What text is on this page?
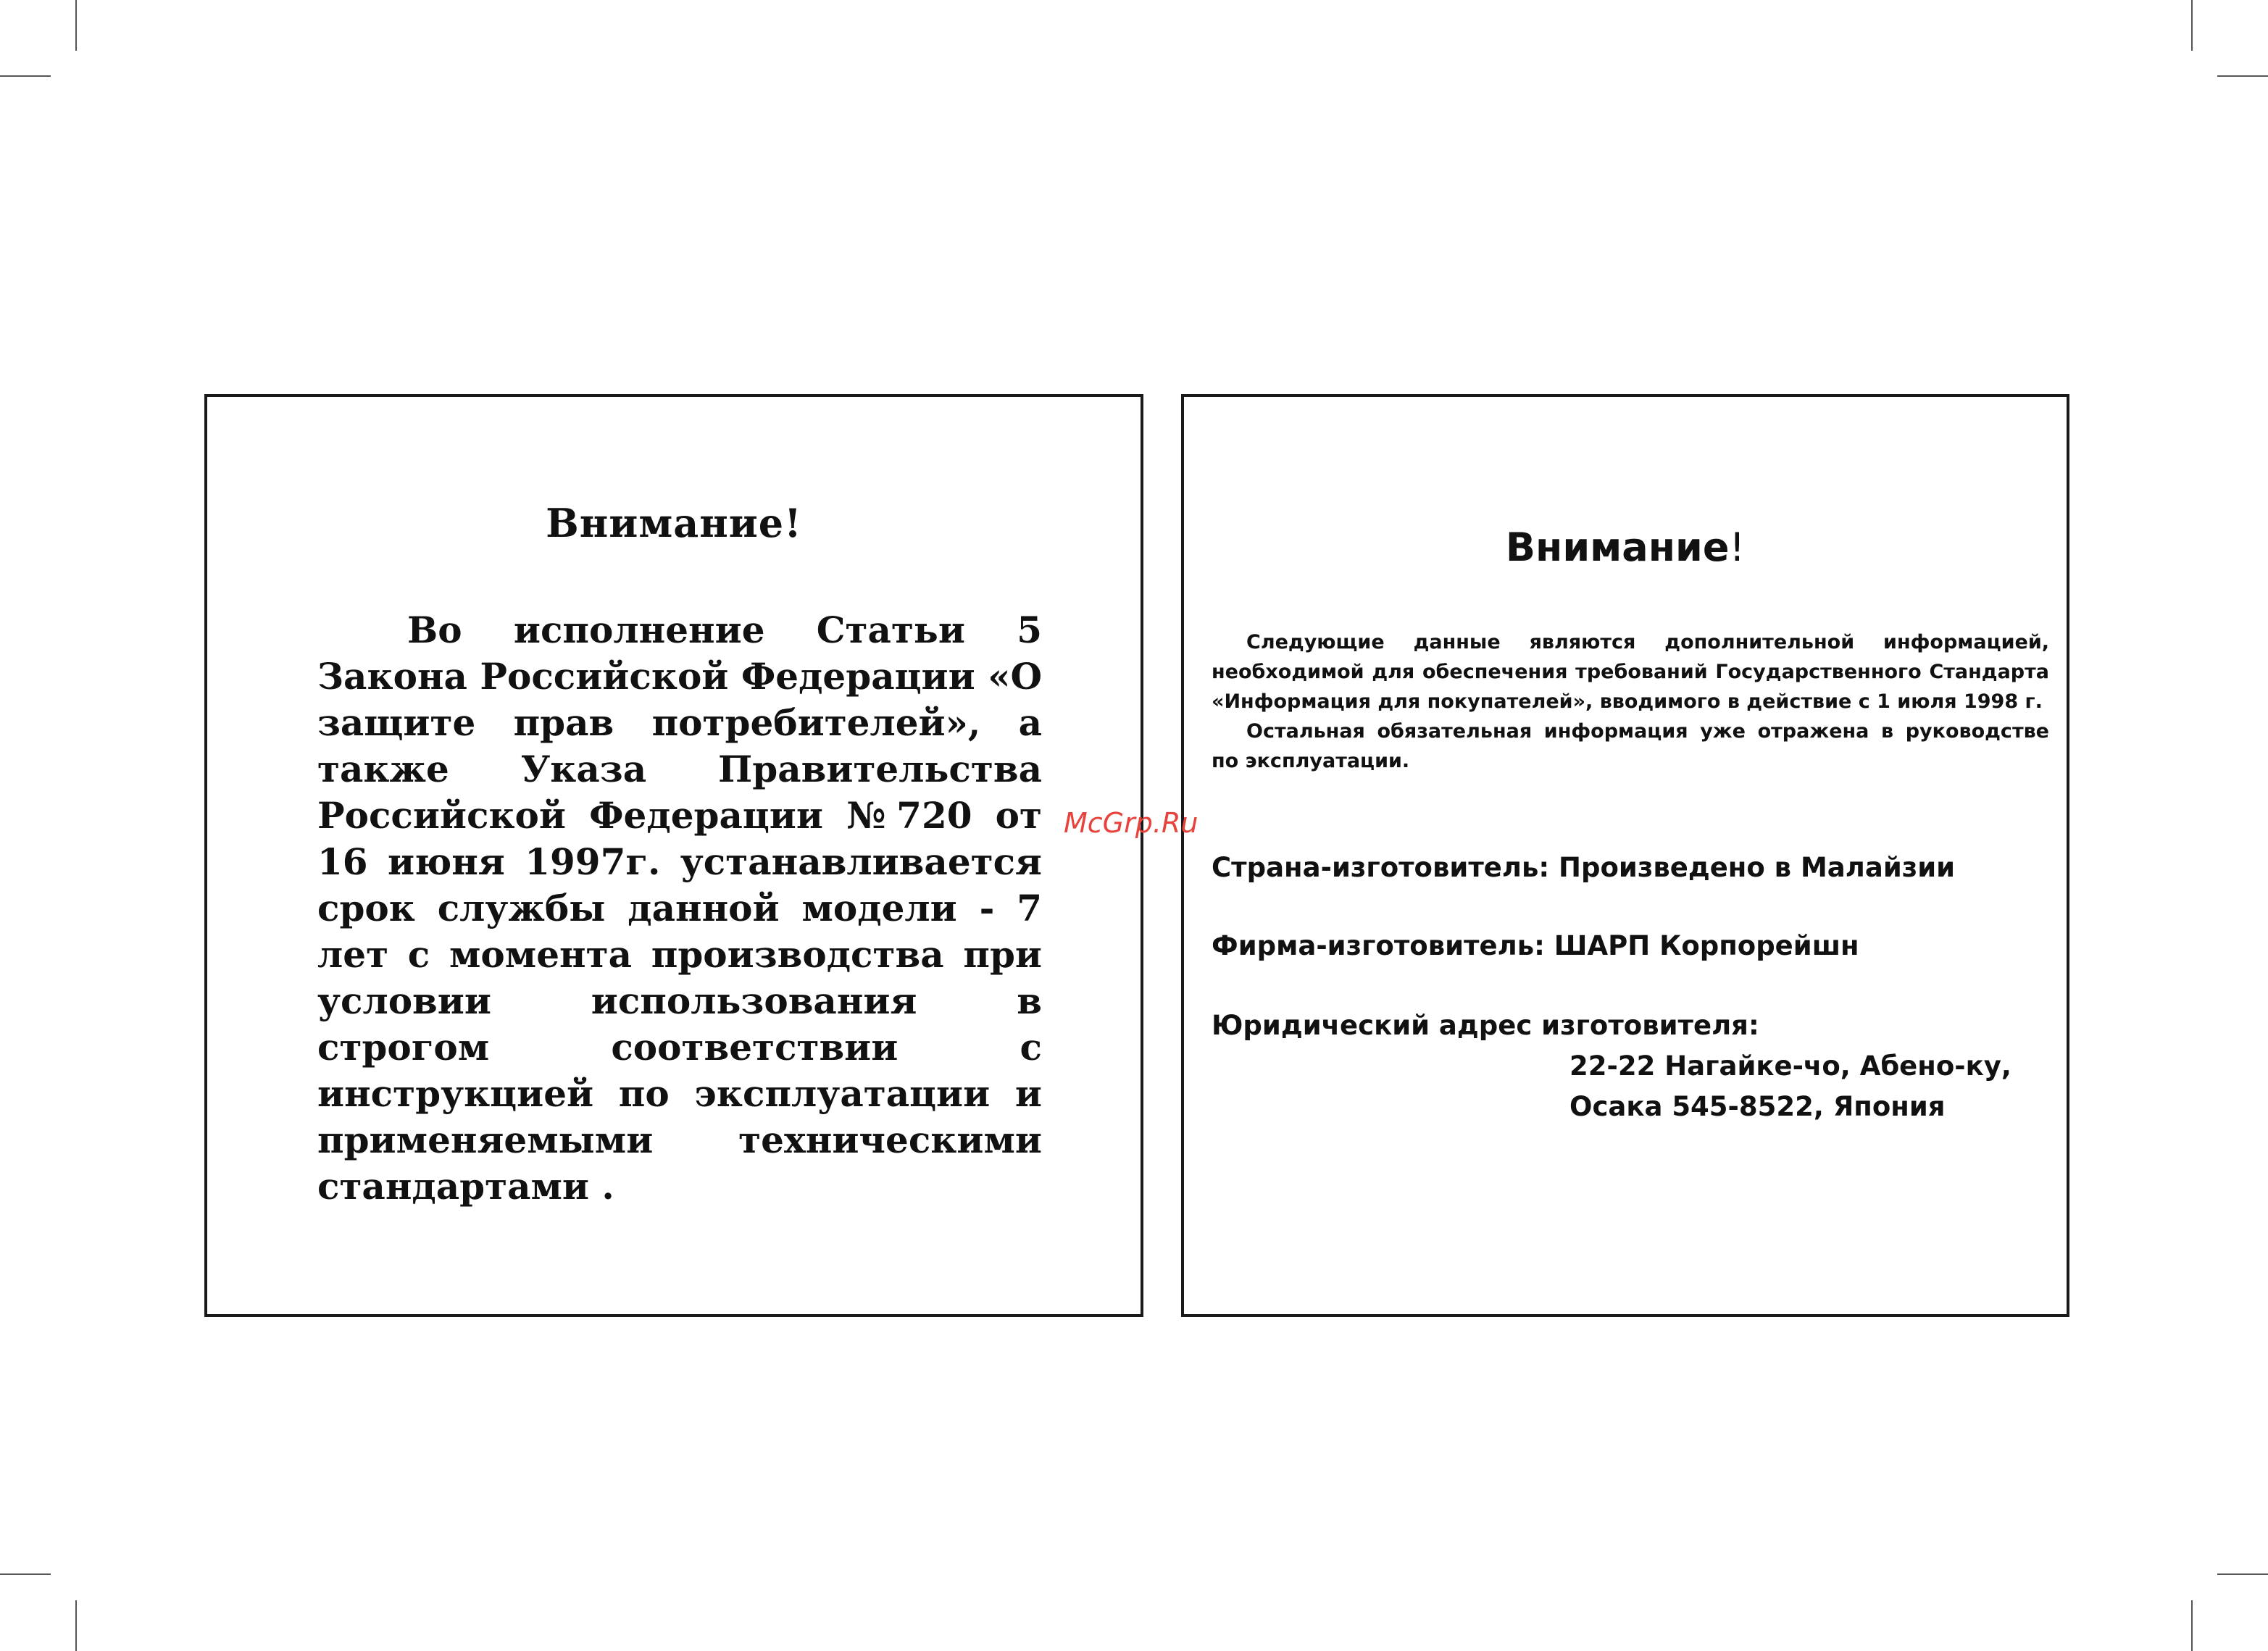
Внимание!
Во исполнение Статьи 5 Закона Российской Федерации «О защите прав потребителей», а также Указа Правительства Российской Федерации №720 от 16 июня 1997г. устанавливается срок службы данной модели - 7 лет с момента производства при условии использования в строгом соответствии с инструкцией по эксплуатации и применяемыми техническими стандартами .
Внимание!

Следующие данные являются дополнительной информацией, необходимой для обеспечения требований Государственного Стандарта «Информация для покупателей», вводимого в действие с 1 июля 1998 г.

Остальная обязательная информация уже отражена в руководстве по эксплуатации.

Страна-изготовитель: Произведено в Малайзии
Фирма-изготовитель: ШАРП Корпорейшн
Юридический адрес изготовителя:
22-22 Нагайке-чо, Абено-ку,
Осака 545-8522, Япония
McGrp.Ru
